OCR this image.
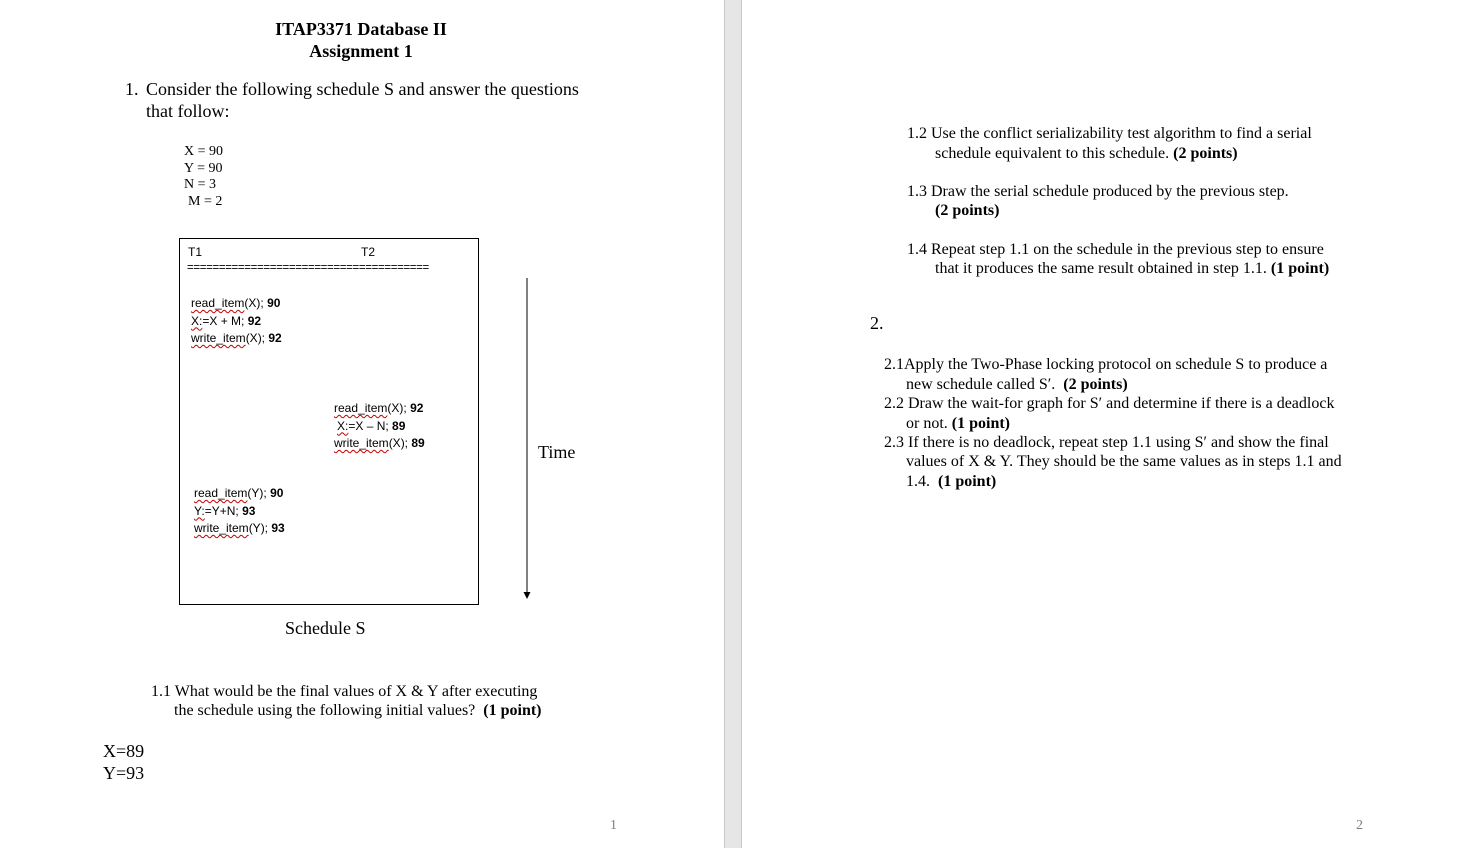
ITAP3371 Database II
Assignment 1
1. Consider the following schedule S and answer the questions
that follow:
X = 90
Y = 90
N = 3
M = 2
T1	T2
======================================
read_item(X); 90
X:=X + M; 92
write_item(X); 92
read_item(X); 92
X:=X – N; 89
write_item(X); 89
read_item(Y); 90
Y:=Y+N; 93
write_item(Y); 93
Time
Schedule S
1.1 What would be the final values of X & Y after executing
the schedule using the following initial values? (1 point)
X=89
Y=93
1
1.2 Use the conflict serializability test algorithm to find a serial
schedule equivalent to this schedule. (2 points)
1.3 Draw the serial schedule produced by the previous step.
(2 points)
1.4 Repeat step 1.1 on the schedule in the previous step to ensure
that it produces the same result obtained in step 1.1. (1 point)
2.
2.1Apply the Two-Phase locking protocol on schedule S to produce a
new schedule called S′. (2 points)
2.2 Draw the wait-for graph for S′ and determine if there is a deadlock
or not. (1 point)
2.3 If there is no deadlock, repeat step 1.1 using S′ and show the final
values of X & Y. They should be the same values as in steps 1.1 and
1.4. (1 point)
2
